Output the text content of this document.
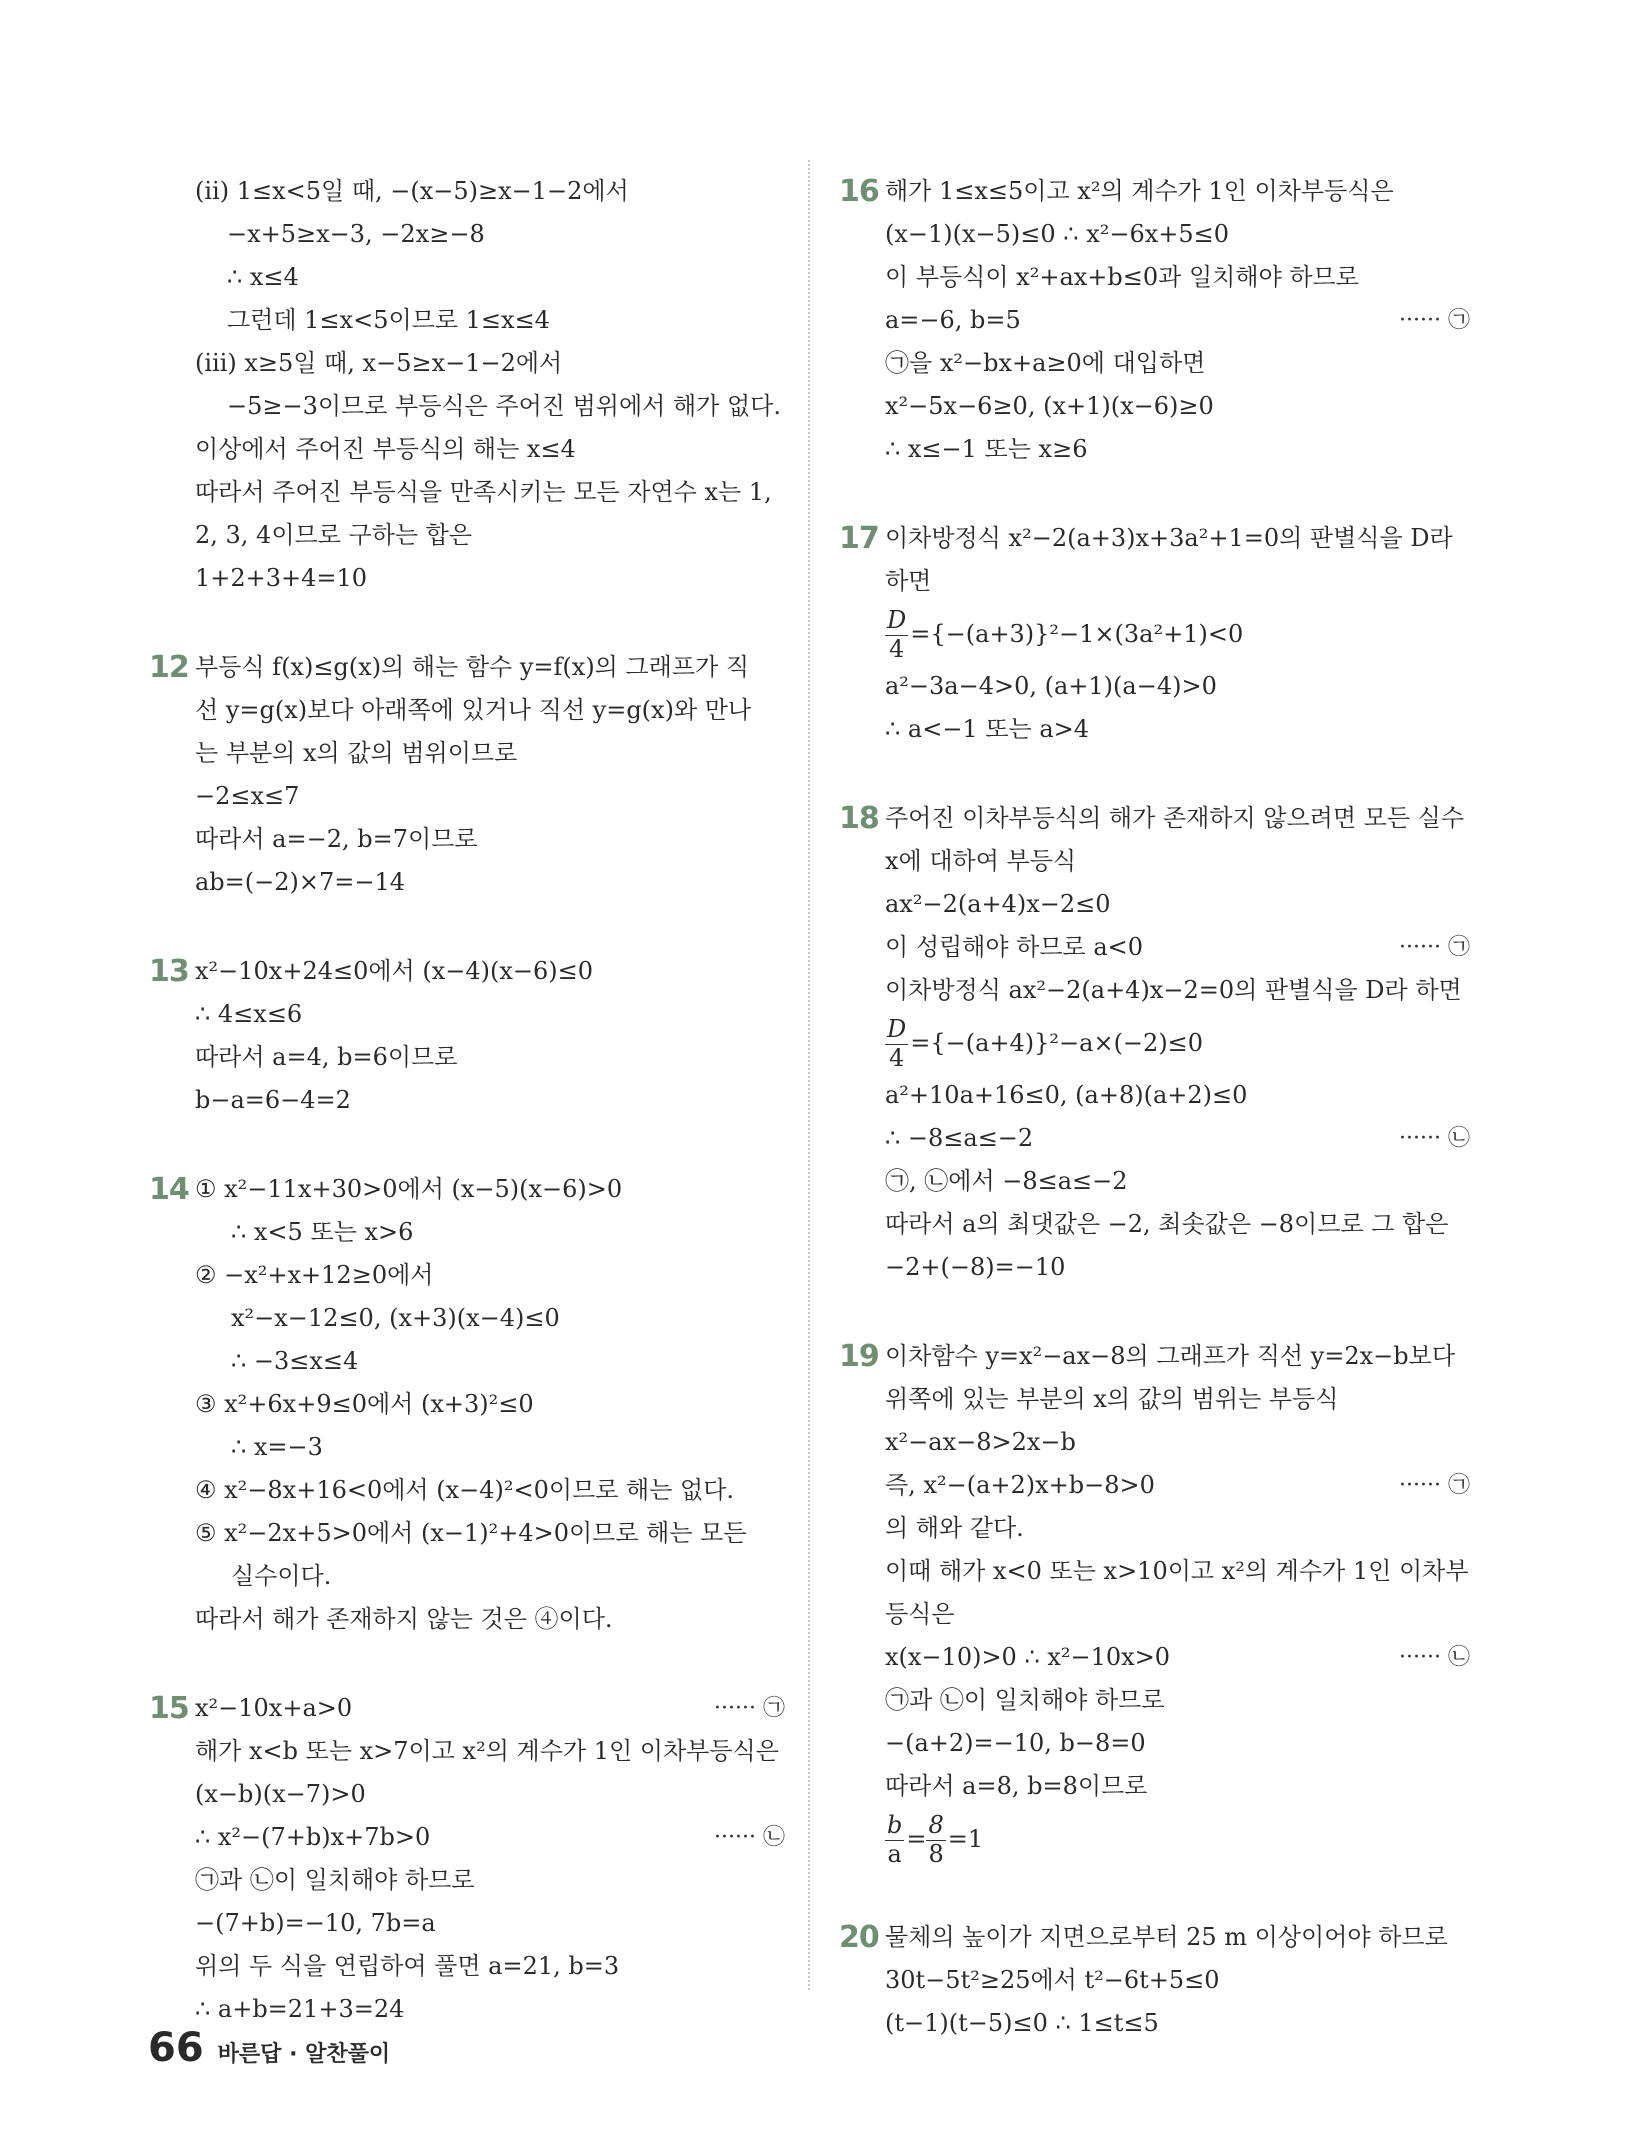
(ⅱ) 1≤x<5일 때, −(x−5)≥x−1−2에서
−x+5≥x−3, −2x≥−8
∴ x≤4
그런데 1≤x<5이므로 1≤x≤4
(ⅲ) x≥5일 때, x−5≥x−1−2에서
−5≥−3이므로 부등식은 주어진 범위에서 해가 없다.
이상에서 주어진 부등식의 해는 x≤4
따라서 주어진 부등식을 만족시키는 모든 자연수 x는 1,
2, 3, 4이므로 구하는 합은
1+2+3+4=10
12 부등식 f(x)≤g(x)의 해는 함수 y=f(x)의 그래프가 직
선 y=g(x)보다 아래쪽에 있거나 직선 y=g(x)와 만나
는 부분의 x의 값의 범위이므로
−2≤x≤7
따라서 a=−2, b=7이므로
ab=(−2)×7=−14
13 x²−10x+24≤0에서 (x−4)(x−6)≤0
∴ 4≤x≤6
따라서 a=4, b=6이므로
b−a=6−4=2
14 ① x²−11x+30>0에서 (x−5)(x−6)>0
∴ x<5 또는 x>6
② −x²+x+12≥0에서
x²−x−12≤0, (x+3)(x−4)≤0
∴ −3≤x≤4
③ x²+6x+9≤0에서 (x+3)²≤0
∴ x=−3
④ x²−8x+16<0에서 (x−4)²<0이므로 해는 없다.
⑤ x²−2x+5>0에서 (x−1)²+4>0이므로 해는 모든
실수이다.
따라서 해가 존재하지 않는 것은 ④이다.
15 x²−10x+a>0	······ ㉠
해가 x<b 또는 x>7이고 x²의 계수가 1인 이차부등식은
(x−b)(x−7)>0
∴ x²−(7+b)x+7b>0	······ ㉡
㉠과 ㉡이 일치해야 하므로
−(7+b)=−10, 7b=a
위의 두 식을 연립하여 풀면 a=21, b=3
∴ a+b=21+3=24
16 해가 1≤x≤5이고 x²의 계수가 1인 이차부등식은
(x−1)(x−5)≤0 ∴ x²−6x+5≤0
이 부등식이 x²+ax+b≤0과 일치해야 하므로
a=−6, b=5	······ ㉠
㉠을 x²−bx+a≥0에 대입하면
x²−5x−6≥0, (x+1)(x−6)≥0
∴ x≤−1 또는 x≥6
17 이차방정식 x²−2(a+3)x+3a²+1=0의 판별식을 D라
하면
$\frac{D}{4} =\{-(a+3)\}^2-1\times(3a^2+1)<0$
a²−3a−4>0, (a+1)(a−4)>0
∴ a<−1 또는 a>4
18 주어진 이차부등식의 해가 존재하지 않으려면 모든 실수
x에 대하여 부등식
ax²−2(a+4)x−2≤0
이 성립해야 하므로 a<0	······ ㉠
이차방정식 ax²−2(a+4)x−2=0의 판별식을 D라 하면
$\frac{D}{4} =\{-(a+4)\}^2-a\times(-2)\le 0$
a²+10a+16≤0, (a+8)(a+2)≤0
∴ −8≤a≤−2	······ ㉡
㉠, ㉡에서 −8≤a≤−2
따라서 a의 최댓값은 −2, 최솟값은 −8이므로 그 합은
−2+(−8)=−10
19 이차함수 y=x²−ax−8의 그래프가 직선 y=2x−b보다
위쪽에 있는 부분의 x의 값의 범위는 부등식
x²−ax−8>2x−b
즉, x²−(a+2)x+b−8>0	······ ㉠
의 해와 같다.
이때 해가 x<0 또는 x>10이고 x²의 계수가 1인 이차부
등식은
x(x−10)>0 ∴ x²−10x>0	······ ㉡
㉠과 ㉡이 일치해야 하므로
−(a+2)=−10, b−8=0
따라서 a=8, b=8이므로
$\frac{b}{a} = \frac{8}{8} =1$
20 물체의 높이가 지면으로부터 25 m 이상이어야 하므로
30t−5t²≥25에서 t²−6t+5≤0
(t−1)(t−5)≤0 ∴ 1≤t≤5
66 바른답 · 알찬풀이
